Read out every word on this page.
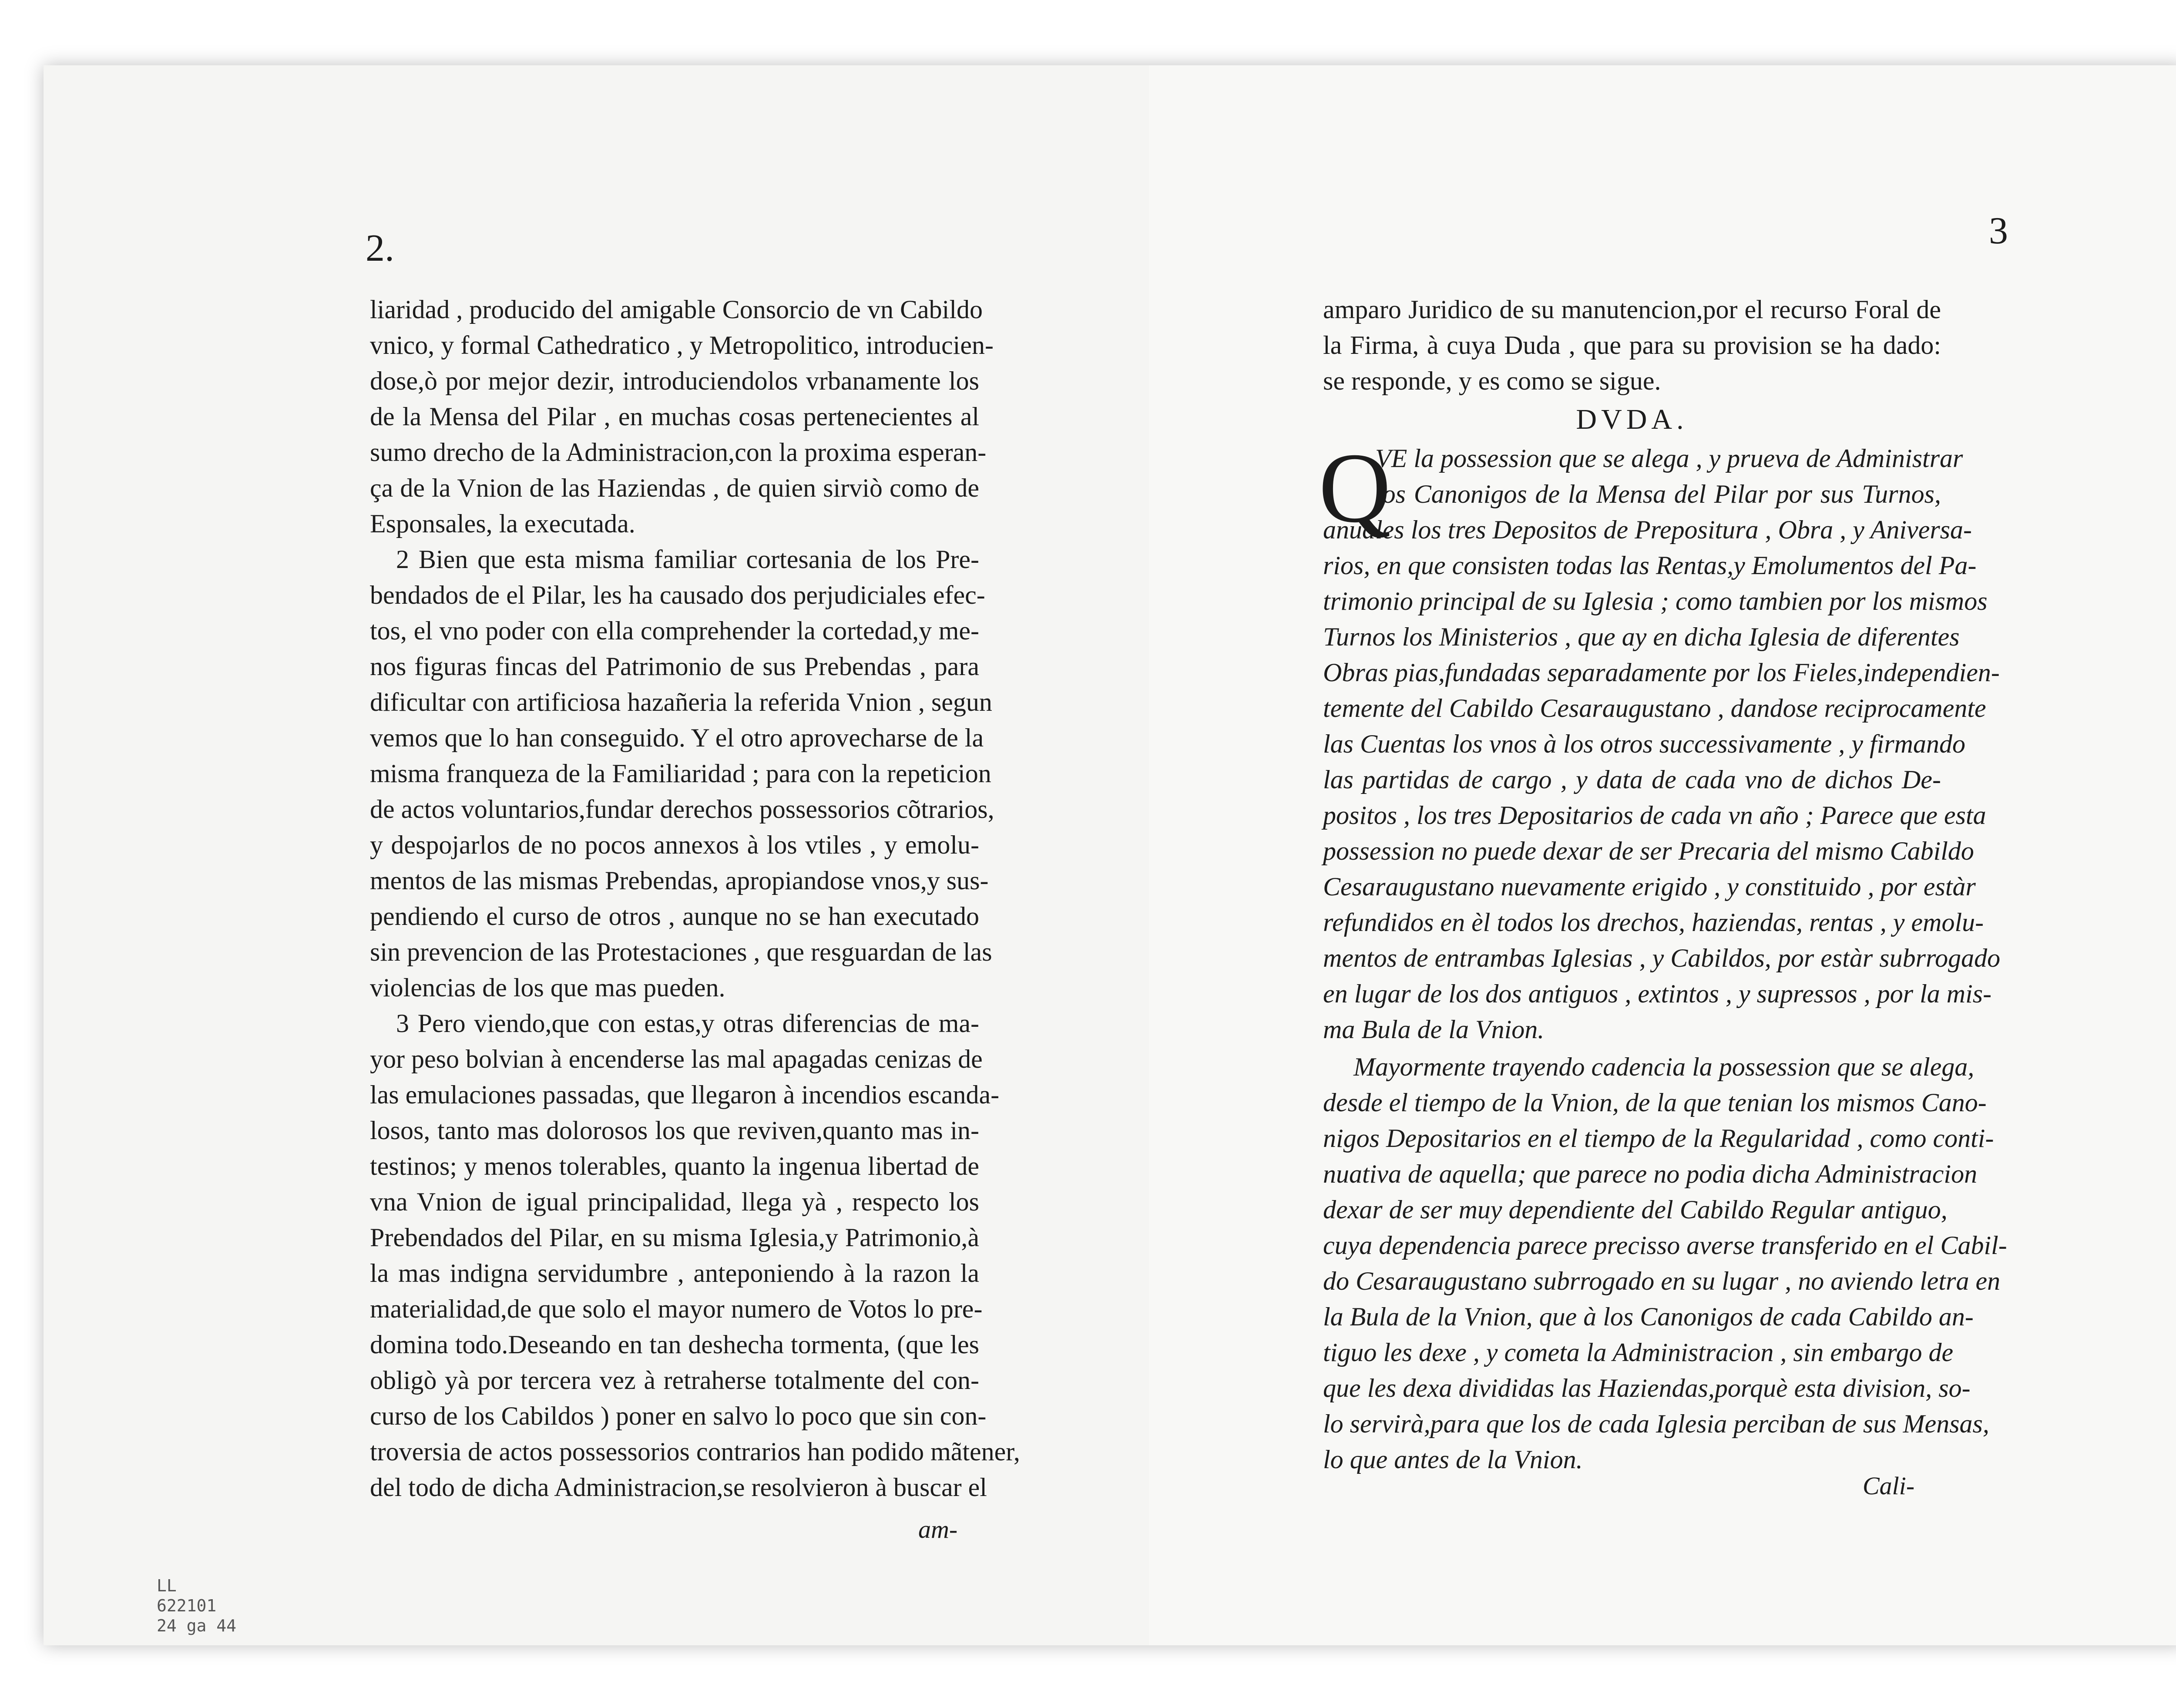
2.
liaridad , producido del amigable Consorcio de vn Cabildo
vnico, y formal Cathedratico , y Metropolitico, introducien-
dose,ò por mejor dezir, introduciendolos vrbanamente los
de la Mensa del Pilar , en muchas cosas pertenecientes al
sumo drecho de la Administracion,con la proxima esperan-
ça de la Vnion de las Haziendas , de quien sirviò como de
Esponsales, la executada.
2 Bien que esta misma familiar cortesania de los Pre-
bendados de el Pilar, les ha causado dos perjudiciales efec-
tos, el vno poder con ella comprehender la cortedad,y me-
nos figuras fincas del Patrimonio de sus Prebendas , para
dificultar con artificiosa hazañeria la referida Vnion , segun
vemos que lo han conseguido. Y el otro aprovecharse de la
misma franqueza de la Familiaridad ; para con la repeticion
de actos voluntarios,fundar derechos possessorios cõtrarios,
y despojarlos de no pocos annexos à los vtiles , y emolu-
mentos de las mismas Prebendas, apropiandose vnos,y sus-
pendiendo el curso de otros , aunque no se han executado
sin prevencion de las Protestaciones , que resguardan de las
violencias de los que mas pueden.
3 Pero viendo,que con estas,y otras diferencias de ma-
yor peso bolvian à encenderse las mal apagadas cenizas de
las emulaciones passadas, que llegaron à incendios escanda-
losos, tanto mas dolorosos los que reviven,quanto mas in-
testinos; y menos tolerables, quanto la ingenua libertad de
vna Vnion de igual principalidad, llega yà , respecto los
Prebendados del Pilar, en su misma Iglesia,y Patrimonio,à
la mas indigna servidumbre , anteponiendo à la razon la
materialidad,de que solo el mayor numero de Votos lo pre-
domina todo.Deseando en tan deshecha tormenta, (que les
obligò yà por tercera vez à retraherse totalmente del con-
curso de los Cabildos ) poner en salvo lo poco que sin con-
troversia de actos possessorios contrarios han podido mãtener,
del todo de dicha Administracion,se resolvieron à buscar el
am-
3
amparo Juridico de su manutencion,por el recurso Foral de
la Firma, à cuya Duda , que para su provision se ha dado:
se responde, y es como se sigue.
DVDA.
Q
VE la possession que se alega , y prueva de Administrar
los Canonigos de la Mensa del Pilar por sus Turnos,
anuales los tres Depositos de Prepositura , Obra , y Aniversa-
rios, en que consisten todas las Rentas,y Emolumentos del Pa-
trimonio principal de su Iglesia ; como tambien por los mismos
Turnos los Ministerios , que ay en dicha Iglesia de diferentes
Obras pias,fundadas separadamente por los Fieles,independien-
temente del Cabildo Cesaraugustano , dandose reciprocamente
las Cuentas los vnos à los otros successivamente , y firmando
las partidas de cargo , y data de cada vno de dichos De-
positos , los tres Depositarios de cada vn año ; Parece que esta
possession no puede dexar de ser Precaria del mismo Cabildo
Cesaraugustano nuevamente erigido , y constituido , por estàr
refundidos en èl todos los drechos, haziendas, rentas , y emolu-
mentos de entrambas Iglesias , y Cabildos, por estàr subrrogado
en lugar de los dos antiguos , extintos , y supressos , por la mis-
ma Bula de la Vnion.
Mayormente trayendo cadencia la possession que se alega,
desde el tiempo de la Vnion, de la que tenian los mismos Cano-
nigos Depositarios en el tiempo de la Regularidad , como conti-
nuativa de aquella; que parece no podia dicha Administracion
dexar de ser muy dependiente del Cabildo Regular antiguo,
cuya dependencia parece precisso averse transferido en el Cabil-
do Cesaraugustano subrrogado en su lugar , no aviendo letra en
la Bula de la Vnion, que à los Canonigos de cada Cabildo an-
tiguo les dexe , y cometa la Administracion , sin embargo de
que les dexa divididas las Haziendas,porquè esta division, so-
lo servirà,para que los de cada Iglesia perciban de sus Mensas,
lo que antes de la Vnion.
Cali-
LL
622101
24 ga 44
